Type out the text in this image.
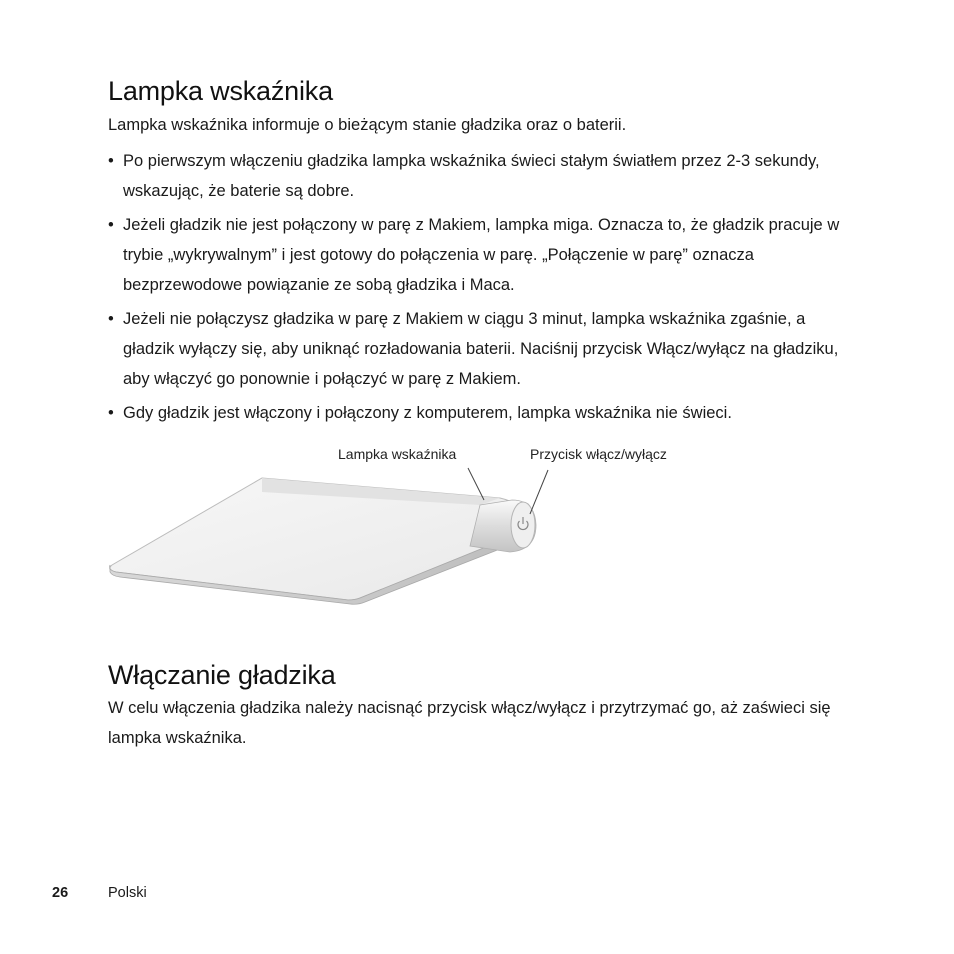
Lampka wskaźnika

Lampka wskaźnika informuje o bieżącym stanie gładzika oraz o baterii.

• Po pierwszym włączeniu gładzika lampka wskaźnika świeci stałym światłem przez 2-3 sekundy, wskazując, że baterie są dobre.
• Jeżeli gładzik nie jest połączony w parę z Makiem, lampka miga. Oznacza to, że gładzik pracuje w trybie „wykrywalnym” i jest gotowy do połączenia w parę. „Połączenie w parę” oznacza bezprzewodowe powiązanie ze sobą gładzika i Maca.
• Jeżeli nie połączysz gładzika w parę z Makiem w ciągu 3 minut, lampka wskaźnika zgaśnie, a gładzik wyłączy się, aby uniknąć rozładowania baterii. Naciśnij przycisk Włącz/wyłącz na gładziku, aby włączyć go ponownie i połączyć w parę z Makiem.
• Gdy gładzik jest włączony i połączony z komputerem, lampka wskaźnika nie świeci.
Lampka wskaźnika	Przycisk włącz/wyłącz
Włączanie gładzika

W celu włączenia gładzika należy nacisnąć przycisk włącz/wyłącz i przytrzymać go, aż zaświeci się lampka wskaźnika.

26	Polski
